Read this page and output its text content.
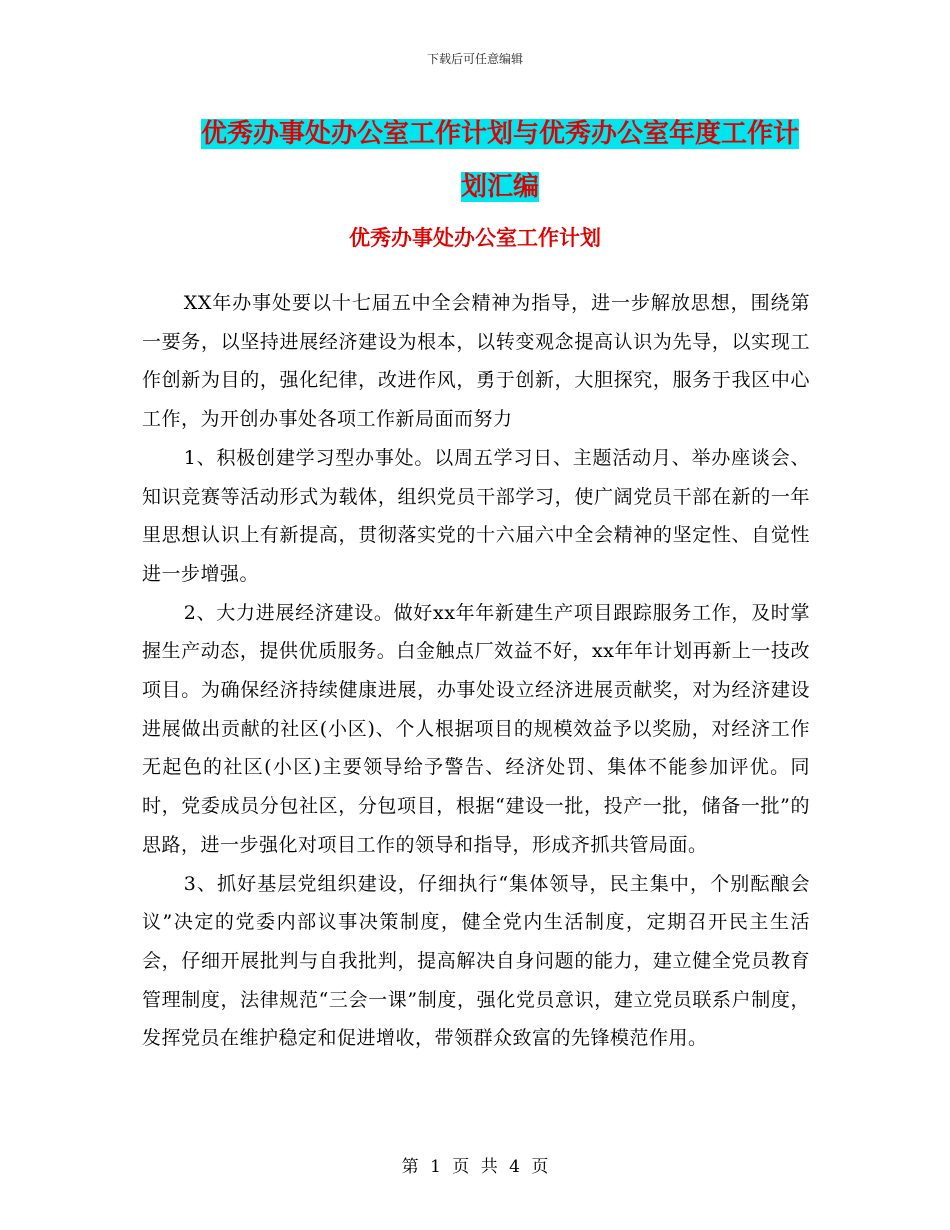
下载后可任意编辑
优秀办事处办公室工作计划与优秀办公室年度工作计
划汇编
优秀办事处办公室工作计划

XX年办事处要以十七届五中全会精神为指导，进一步解放思想，围绕第一要务，以坚持进展经济建设为根本，以转变观念提高认识为先导，以实现工作创新为目的，强化纪律，改进作风，勇于创新，大胆探究，服务于我区中心工作，为开创办事处各项工作新局面而努力

1、积极创建学习型办事处。以周五学习日、主题活动月、举办座谈会、知识竞赛等活动形式为载体，组织党员干部学习，使广阔党员干部在新的一年里思想认识上有新提高，贯彻落实党的十六届六中全会精神的坚定性、自觉性进一步增强。

2、大力进展经济建设。做好xx年年新建生产项目跟踪服务工作，及时掌握生产动态，提供优质服务。白金触点厂效益不好，xx年年计划再新上一技改项目。为确保经济持续健康进展，办事处设立经济进展贡献奖，对为经济建设进展做出贡献的社区(小区)、个人根据项目的规模效益予以奖励，对经济工作无起色的社区(小区)主要领导给予警告、经济处罚、集体不能参加评优。同时，党委成员分包社区，分包项目，根据“建设一批，投产一批，储备一批”的思路，进一步强化对项目工作的领导和指导，形成齐抓共管局面。

3、抓好基层党组织建设，仔细执行“集体领导，民主集中，个别酝酿会议”决定的党委内部议事决策制度，健全党内生活制度，定期召开民主生活会，仔细开展批判与自我批判，提高解决自身问题的能力，建立健全党员教育管理制度，法律规范“三会一课”制度，强化党员意识，建立党员联系户制度，发挥党员在维护稳定和促进增收，带领群众致富的先锋模范作用。

第 1 页 共 4 页
